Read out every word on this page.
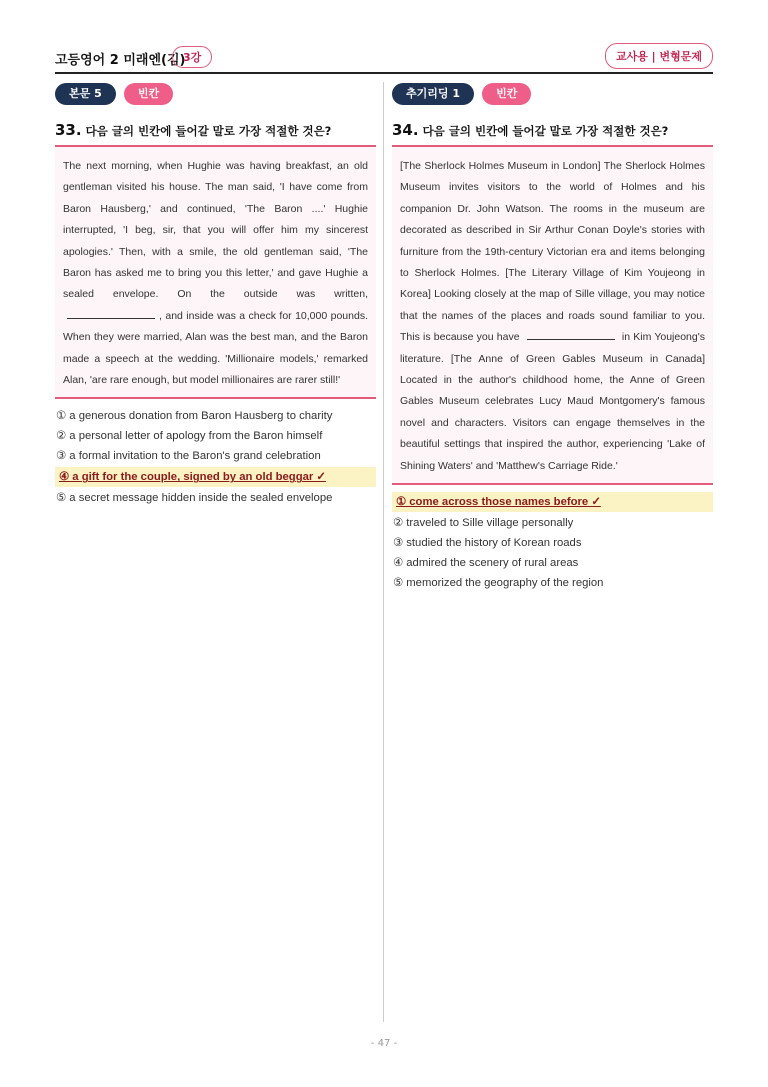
고등영어 2 미래엔(김)
3강	교사용 | 변형문제
본문 5	빈칸
33. 다음 글의 빈칸에 들어갈 말로 가장 적절한 것은?
The next morning, when Hughie was having breakfast, an old gentleman visited his house. The man said, 'I have come from Baron Hausberg,' and continued, 'The Baron ....' Hughie interrupted, 'I beg, sir, that you will offer him my sincerest apologies.' Then, with a smile, the old gentleman said, 'The Baron has asked me to bring you this letter,' and gave Hughie a sealed envelope. On the outside was written, , and inside was a check for 10,000 pounds. When they were married, Alan was the best man, and the Baron made a speech at the wedding. 'Millionaire models,' remarked Alan, 'are rare enough, but model millionaires are rarer still!'
① a generous donation from Baron Hausberg to charity
② a personal letter of apology from the Baron himself
③ a formal invitation to the Baron's grand celebration
④ a gift for the couple, signed by an old beggar ✓
⑤ a secret message hidden inside the sealed envelope
추기리딩 1	빈칸
34. 다음 글의 빈칸에 들어갈 말로 가장 적절한 것은?
[The Sherlock Holmes Museum in London] The Sherlock Holmes Museum invites visitors to the world of Holmes and his companion Dr. John Watson. The rooms in the museum are decorated as described in Sir Arthur Conan Doyle's stories with furniture from the 19th-century Victorian era and items belonging to Sherlock Holmes. [The Literary Village of Kim Youjeong in Korea] Looking closely at the map of Sille village, you may notice that the names of the places and roads sound familiar to you. This is because you have	in Kim Youjeong's literature. [The Anne of Green Gables Museum in Canada] Located in the author's childhood home, the Anne of Green Gables Museum celebrates Lucy Maud Montgomery's famous novel and characters. Visitors can engage themselves in the beautiful settings that inspired the author, experiencing 'Lake of Shining Waters' and 'Matthew's Carriage Ride.'
① come across those names before ✓
② traveled to Sille village personally
③ studied the history of Korean roads
④ admired the scenery of rural areas
⑤ memorized the geography of the region
- 47 -
